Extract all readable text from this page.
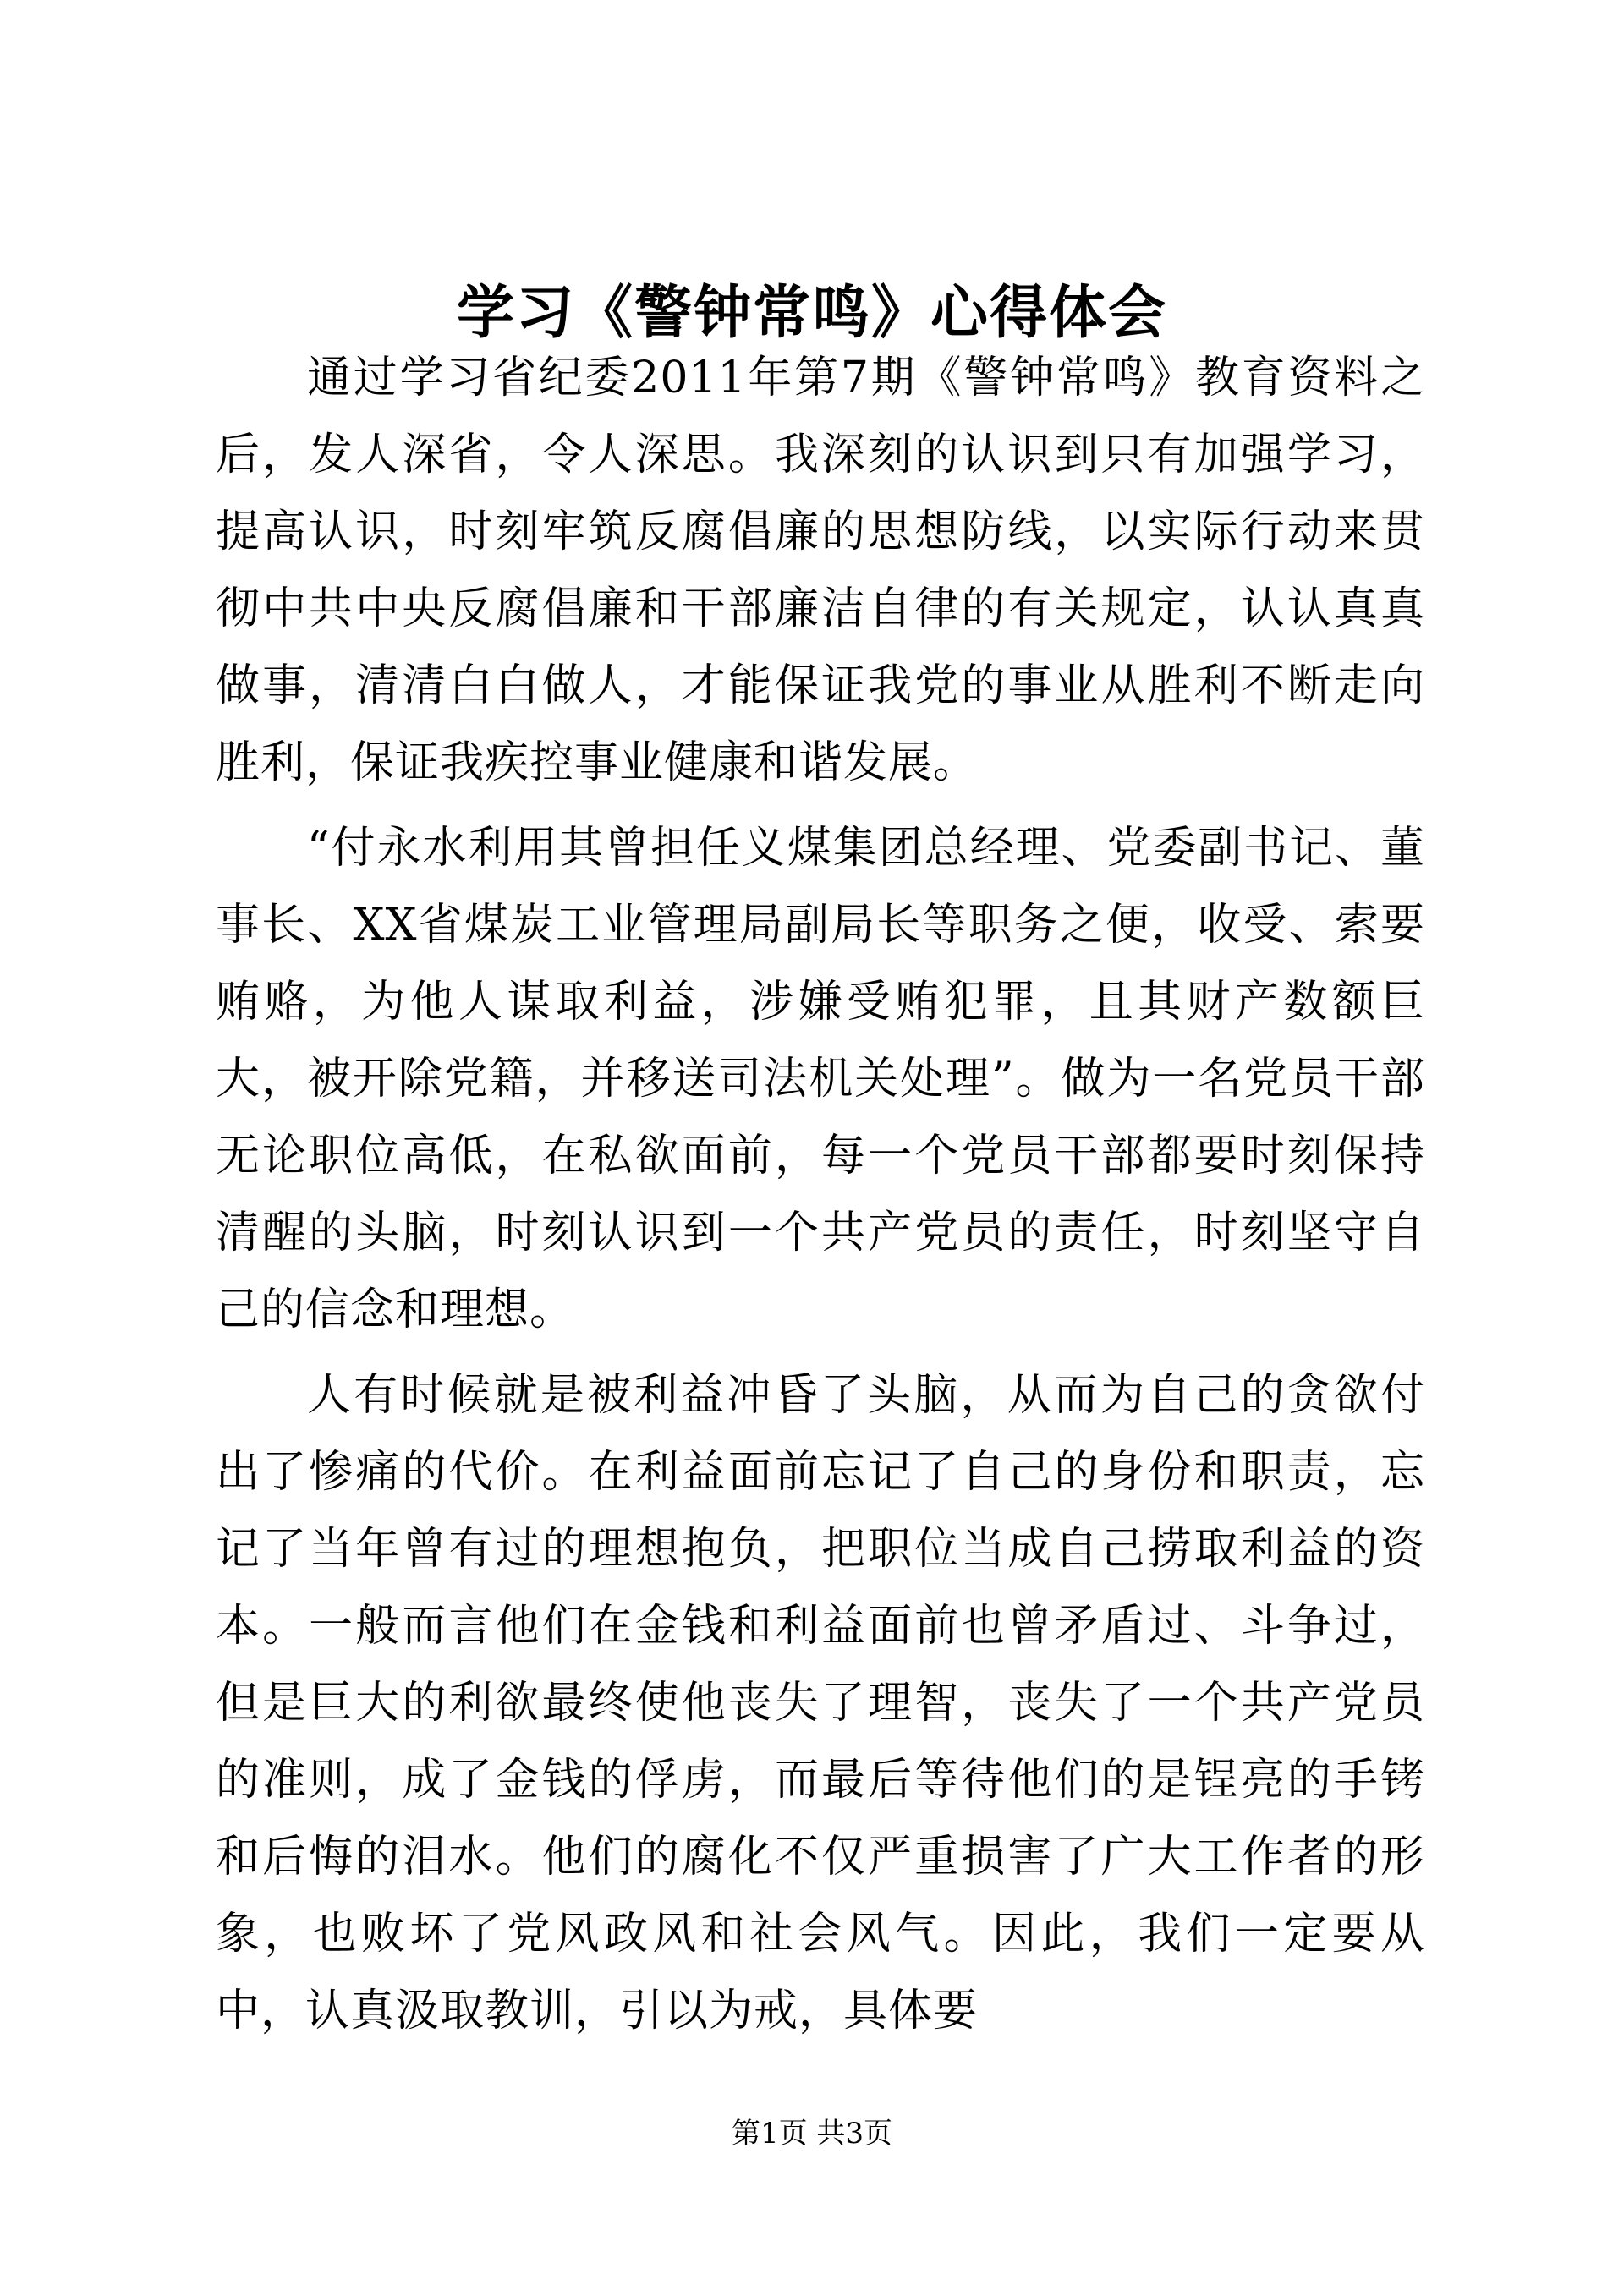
学习《警钟常鸣》心得体会

通过学习省纪委2011年第7期《警钟常鸣》教育资料之后，发人深省，令人深思。我深刻的认识到只有加强学习，提高认识，时刻牢筑反腐倡廉的思想防线，以实际行动来贯彻中共中央反腐倡廉和干部廉洁自律的有关规定，认认真真做事，清清白白做人，才能保证我党的事业从胜利不断走向胜利，保证我疾控事业健康和谐发展。

“付永水利用其曾担任义煤集团总经理、党委副书记、董事长、XX省煤炭工业管理局副局长等职务之便，收受、索要贿赂，为他人谋取利益，涉嫌受贿犯罪，且其财产数额巨大，被开除党籍，并移送司法机关处理”。做为一名党员干部无论职位高低，在私欲面前，每一个党员干部都要时刻保持清醒的头脑，时刻认识到一个共产党员的责任，时刻坚守自己的信念和理想。

人有时候就是被利益冲昏了头脑，从而为自己的贪欲付出了惨痛的代价。在利益面前忘记了自己的身份和职责，忘记了当年曾有过的理想抱负，把职位当成自己捞取利益的资本。一般而言他们在金钱和利益面前也曾矛盾过、斗争过，但是巨大的利欲最终使他丧失了理智，丧失了一个共产党员的准则，成了金钱的俘虏，而最后等待他们的是锃亮的手铐和后悔的泪水。他们的腐化不仅严重损害了广大工作者的形象，也败坏了党风政风和社会风气。因此，我们一定要从中，认真汲取教训，引以为戒，具体要

第1页 共3页
